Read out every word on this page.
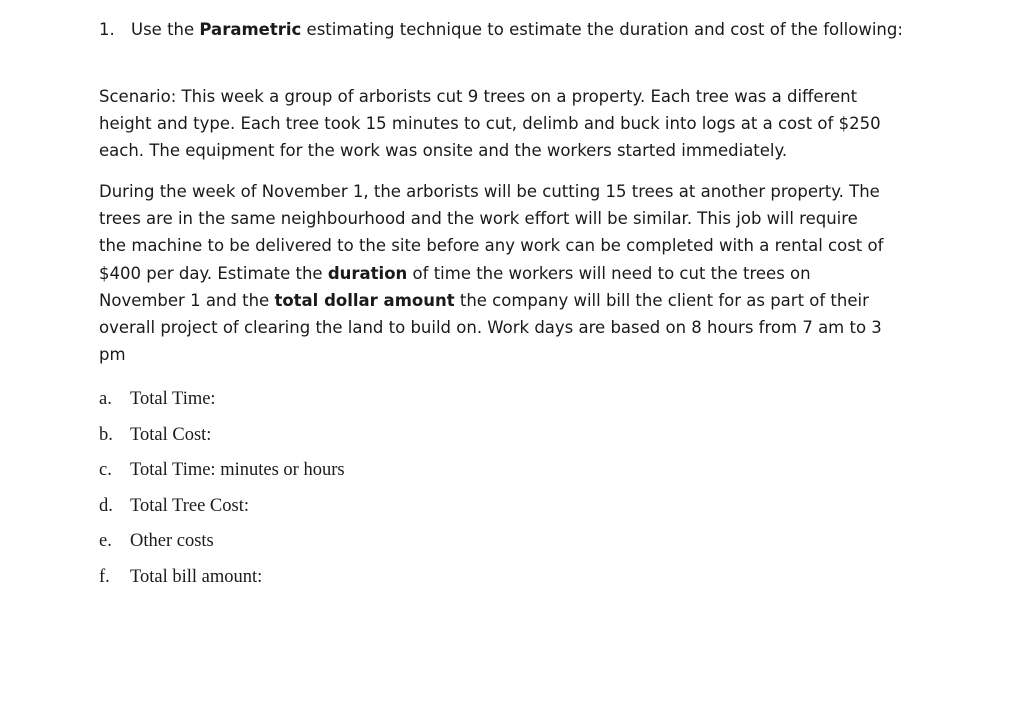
1. Use the Parametric estimating technique to estimate the duration and cost of the following:
Scenario: This week a group of arborists cut 9 trees on a property. Each tree was a different
height and type. Each tree took 15 minutes to cut, delimb and buck into logs at a cost of $250
each. The equipment for the work was onsite and the workers started immediately.
During the week of November 1, the arborists will be cutting 15 trees at another property. The
trees are in the same neighbourhood and the work effort will be similar. This job will require
the machine to be delivered to the site before any work can be completed with a rental cost of
$400 per day. Estimate the duration of time the workers will need to cut the trees on
November 1 and the total dollar amount the company will bill the client for as part of their
overall project of clearing the land to build on. Work days are based on 8 hours from 7 am to 3
pm
a. Total Time:
b. Total Cost:
c. Total Time: minutes or hours
d. Total Tree Cost:
e. Other costs
f. Total bill amount:
